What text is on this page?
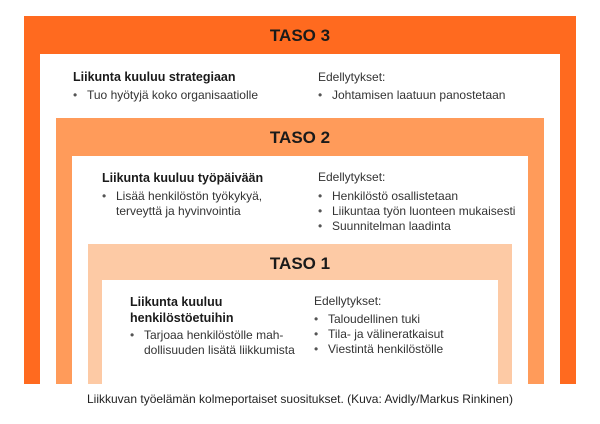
TASO 3
Liikunta kuuluu strategiaan
• Tuo hyötyjä koko organisaatiolle
Edellytykset:
• Johtamisen laatuun panostetaan
TASO 2
Liikunta kuuluu työpäivään
• Lisää henkilöstön työkykyä,
terveyttä ja hyvinvointia
Edellytykset:
• Henkilöstö osallistetaan
• Liikuntaa työn luonteen mukaisesti
• Suunnitelman laadinta
TASO 1
Liikunta kuuluu
henkilöstöetuihin
• Tarjoaa henkilöstölle mah-
dollisuuden lisätä liikkumista
Edellytykset:
• Taloudellinen tuki
• Tila- ja välineratkaisut
• Viestintä henkilöstölle
Liikkuvan työelämän kolmeportaiset suositukset. (Kuva: Avidly/Markus Rinkinen)
